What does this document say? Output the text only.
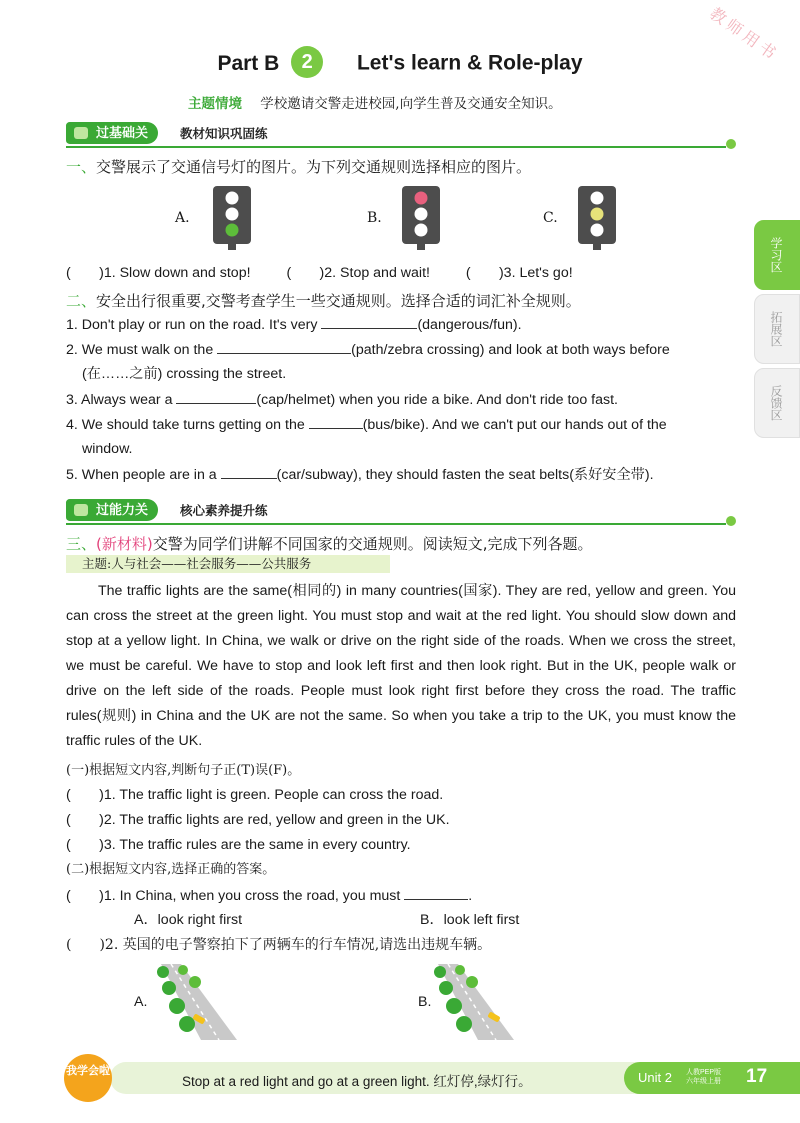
教师用书
Part B 2 Let's learn & Role-play
主题情境 学校邀请交警走进校园,向学生普及交通安全知识。
过基础关	教材知识巩固练
一、交警展示了交通信号灯的图片。为下列交通规则选择相应的图片。
A.	B.	C.
(　　)1. Slow down and stop!	(　　)2. Stop and wait!	(　　)3. Let's go!
二、安全出行很重要,交警考查学生一些交通规则。选择合适的词汇补全规则。
1. Don't play or run on the road. It's very	(dangerous/fun).
2. We must walk on the	(path/zebra crossing) and look at both ways before
(在……之前) crossing the street.
3. Always wear a	(cap/helmet) when you ride a bike. And don't ride too fast.
4. We should take turns getting on the	(bus/bike). And we can't put our hands out of the
window.
5. When people are in a	(car/subway), they should fasten the seat belts(系好安全带).
过能力关	核心素养提升练
三、(新材料)交警为同学们讲解不同国家的交通规则。阅读短文,完成下列各题。
主题:人与社会——社会服务——公共服务
The traffic lights are the same(相同的) in many countries(国家). They are red, yellow and green. You can cross the street at the green light. You must stop and wait at the red light. You should slow down and stop at a yellow light. In China, we walk or drive on the right side of the roads. When we cross the street, we must be careful. We have to stop and look left first and then look right. But in the UK, people walk or drive on the left side of the roads. People must look right first before they cross the road. The traffic rules(规则) in China and the UK are not the same. So when you take a trip to the UK, you must know the traffic rules of the UK.
(一)根据短文内容,判断句子正(T)误(F)。
(　　)1. The traffic light is green. People can cross the road.
(　　)2. The traffic lights are red, yellow and green in the UK.
(　　)3. The traffic rules are the same in every country.
(二)根据短文内容,选择正确的答案。
(　　)1. In China, when you cross the road, you must	.
A．look right first	B．look left first
(　　)2. 英国的电子警察拍下了两辆车的行车情况,请选出违规车辆。
A.	B.
学习区
拓展区
反馈区
我学会啦
Stop at a red light and go at a green light. 红灯停,绿灯行。	Unit 2 人教PEP版六年级上册 17
